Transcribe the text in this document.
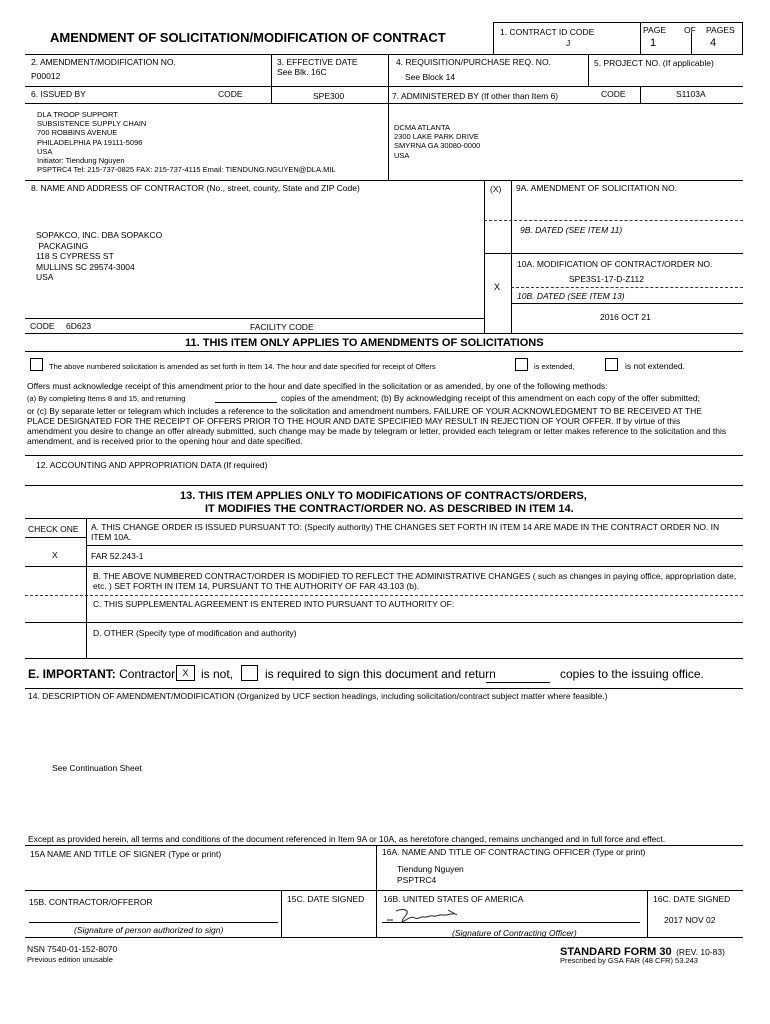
AMENDMENT OF SOLICITATION/MODIFICATION OF CONTRACT	1. CONTRACT ID CODE
J
PAGE OF PAGES
1	4
2. AMENDMENT/MODIFICATION NO.
P00012
3. EFFECTIVE DATE
See Blk. 16C
4. REQUISITION/PURCHASE REQ. NO.
See Block 14
5. PROJECT NO. (If applicable)
6. ISSUED BY	CODE	SPE300	7. ADMINISTERED BY (If other than Item 6)	CODE	S1103A
DLA TROOP SUPPORT
SUBSISTENCE SUPPLY CHAIN
700 ROBBINS AVENUE
PHILADELPHIA PA 19111-5096
USA
Initiator: Tiendung Nguyen
PSPTRC4 Tel: 215-737-0825 FAX: 215-737-4115 Email: TIENDUNG.NGUYEN@DLA.MIL
DCMA ATLANTA
2300 LAKE PARK DRIVE
SMYRNA GA 30080-0000
USA
8. NAME AND ADDRESS OF CONTRACTOR (No., street, county, State and ZIP Code)	(X) 9A. AMENDMENT OF SOLICITATION NO.
9B. DATED (SEE ITEM 11)
10A. MODIFICATION OF CONTRACT/ORDER NO.
SPE3S1-17-D-Z112
X
10B. DATED (SEE ITEM 13)
2016 OCT 21
SOPAKCO, INC. DBA SOPAKCO
PACKAGING
118 S CYPRESS ST
MULLINS SC 29574-3004
USA
CODE 6D623	FACILITY CODE
11. THIS ITEM ONLY APPLIES TO AMENDMENTS OF SOLICITATIONS
The above numbered solicitation is amended as set forth in Item 14. The hour and date specified for receipt of Offers	is extended,	is not extended.
Offers must acknowledge receipt of this amendment prior to the hour and date specified in the solicitation or as amended, by one of the following methods:
(a) By completing Items 8 and 15, and returning	copies of the amendment; (b) By acknowledging receipt of this amendment on each copy of the offer submitted;
or (c) By separate letter or telegram which includes a reference to the solicitation and amendment numbers. FAILURE OF YOUR ACKNOWLEDGMENT TO BE RECEIVED AT THE PLACE DESIGNATED FOR THE RECEIPT OF OFFERS PRIOR TO THE HOUR AND DATE SPECIFIED MAY RESULT IN REJECTION OF YOUR OFFER. If by virtue of this amendment you desire to change an offer already submitted, such change may be made by telegram or letter, provided each telegram or letter makes reference to the solicitation and this amendment, and is received prior to the opening hour and date specified.
12. ACCOUNTING AND APPROPRIATION DATA (If required)
13. THIS ITEM APPLIES ONLY TO MODIFICATIONS OF CONTRACTS/ORDERS,
IT MODIFIES THE CONTRACT/ORDER NO. AS DESCRIBED IN ITEM 14.
CHECK ONE A. THIS CHANGE ORDER IS ISSUED PURSUANT TO: (Specify authority) THE CHANGES SET FORTH IN ITEM 14 ARE MADE IN THE CONTRACT ORDER NO. IN ITEM 10A.
X	FAR 52.243-1
B. THE ABOVE NUMBERED CONTRACT/ORDER IS MODIFIED TO REFLECT THE ADMINISTRATIVE CHANGES ( such as changes in paying office, appropriation date, etc. ) SET FORTH IN ITEM 14, PURSUANT TO THE AUTHORITY OF FAR 43.103 (b).
C. THIS SUPPLEMENTAL AGREEMENT IS ENTERED INTO PURSUANT TO AUTHORITY OF:
D. OTHER (Specify type of modification and authority)
E. IMPORTANT: Contractor X	is not,	is required to sign this document and return	copies to the issuing office.
14. DESCRIPTION OF AMENDMENT/MODIFICATION (Organized by UCF section headings, including solicitation/contract subject matter where feasible.)
See Continuation Sheet
Except as provided herein, all terms and conditions of the document referenced in Item 9A or 10A, as heretofore changed, remains unchanged and in full force and effect.
15A NAME AND TITLE OF SIGNER (Type or print)	16A. NAME AND TITLE OF CONTRACTING OFFICER (Type or print)
Tiendung Nguyen
PSPTRC4
15B. CONTRACTOR/OFFEROR	15C. DATE SIGNED 16B. UNITED STATES OF AMERICA	16C. DATE SIGNED
2017 NOV 02
(Signature of person authorized to sign)	(Signature of Contracting Officer)
NSN 7540-01-152-8070
Previous edition unusable
STANDARD FORM 30 (REV. 10-83)
Prescribed by GSA FAR (48 CFR) 53.243
